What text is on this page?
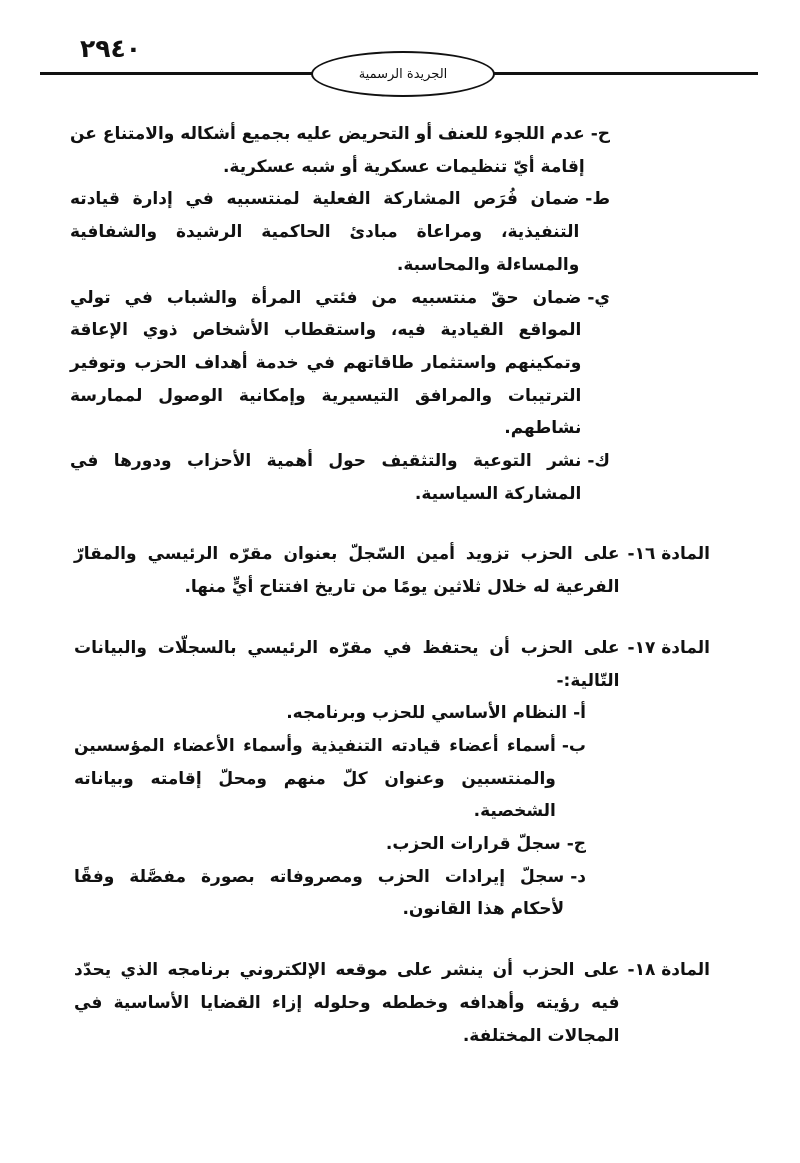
٢٩٤٠
الجريدة الرسمية
ح-
عدم اللجوء للعنف أو التحريض عليه بجميع أشكاله والامتناع عن إقامة أيّ تنظيمات عسكرية أو شبه عسكرية.
ط-
ضمان فُرَص المشاركة الفعلية لمنتسبيه في إدارة قيادته التنفيذية، ومراعاة مبادئ الحاكمية الرشيدة والشفافية والمساءلة والمحاسبة.
ي-
ضمان حقّ منتسبيه من فئتي المرأة والشباب في تولي المواقع القيادية فيه، واستقطاب الأشخاص ذوي الإعاقة وتمكينهم واستثمار طاقاتهم في خدمة أهداف الحزب وتوفير الترتيبات والمرافق التيسيرية وإمكانية الوصول لممارسة نشاطهم.
ك-
نشر التوعية والتثقيف حول أهمية الأحزاب ودورها في المشاركة السياسية.
المادة ١٦-
على الحزب تزويد أمين السّجلّ بعنوان مقرّه الرئيسي والمقارّ الفرعية له خلال ثلاثين يومًا من تاريخ افتتاح أيٍّ منها.
المادة ١٧-
على الحزب أن يحتفظ في مقرّه الرئيسي بالسجلّات والبيانات التّالية:-
أ-
النظام الأساسي للحزب وبرنامجه.
ب-
أسماء أعضاء قيادته التنفيذية وأسماء الأعضاء المؤسسين والمنتسبين وعنوان كلّ منهم ومحلّ إقامته وبياناته الشخصية.
ج-
سجلّ قرارات الحزب.
د-
سجلّ إيرادات الحزب ومصروفاته بصورة مفصَّلة وفقًا لأحكام هذا القانون.
المادة ١٨-
على الحزب أن ينشر على موقعه الإلكتروني برنامجه الذي يحدّد فيه رؤيته وأهدافه وخططه وحلوله إزاء القضايا الأساسية في المجالات المختلفة.
